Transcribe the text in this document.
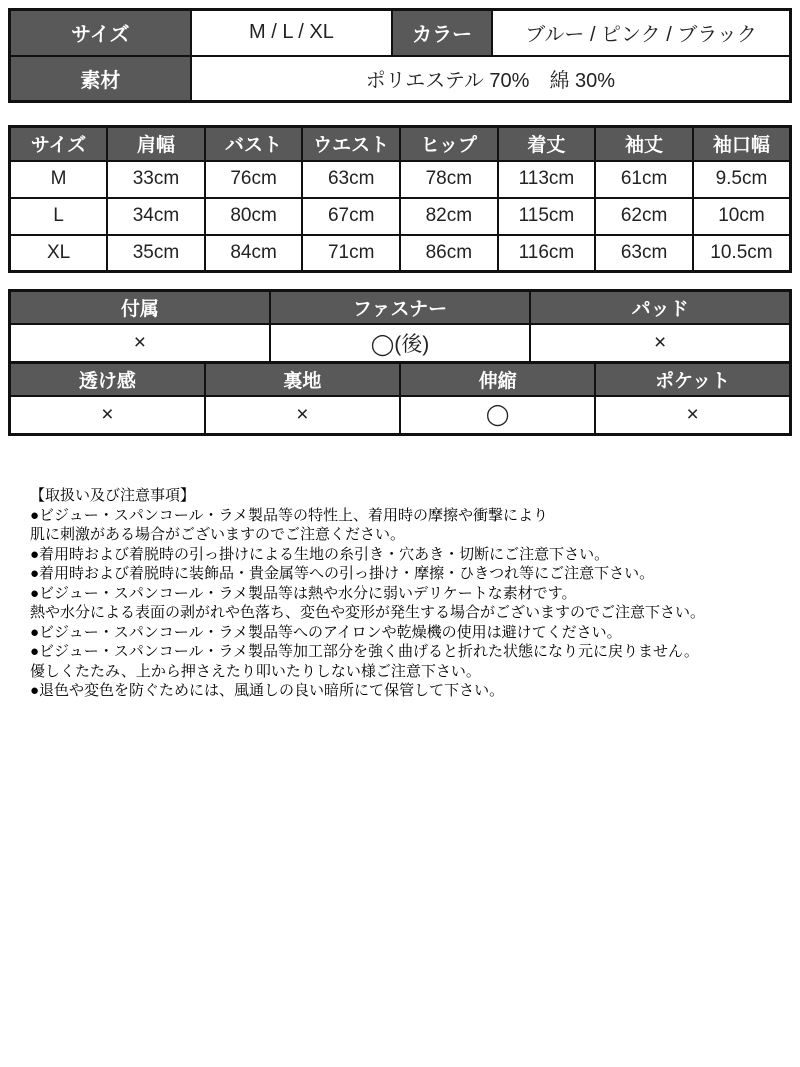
サイズ	M / L / XL	カラー	ブルー / ピンク / ブラック
素材	ポリエステル 70%　綿 30%		
サイズ	肩幅	バスト	ウエスト	ヒップ	着丈	袖丈	袖口幅
M	33cm	76cm	63cm	78cm	113cm	61cm	9.5cm
L	34cm	80cm	67cm	82cm	115cm	62cm	10cm
XL	35cm	84cm	71cm	86cm	116cm	63cm	10.5cm
付属	ファスナー	パッド
×	◯(後)	×
透け感	裏地	伸縮	ポケット
×	×	◯	×
【取扱い及び注意事項】
●ビジュー・スパンコール・ラメ製品等の特性上、着用時の摩擦や衝撃により
肌に刺激がある場合がございますのでご注意ください。
●着用時および着脱時の引っ掛けによる生地の糸引き・穴あき・切断にご注意下さい。
●着用時および着脱時に装飾品・貴金属等への引っ掛け・摩擦・ひきつれ等にご注意下さい。
●ビジュー・スパンコール・ラメ製品等は熱や水分に弱いデリケートな素材です。
熱や水分による表面の剥がれや色落ち、変色や変形が発生する場合がございますのでご注意下さい。
●ビジュー・スパンコール・ラメ製品等へのアイロンや乾燥機の使用は避けてください。
●ビジュー・スパンコール・ラメ製品等加工部分を強く曲げると折れた状態になり元に戻りません。
優しくたたみ、上から押さえたり叩いたりしない様ご注意下さい。
●退色や変色を防ぐためには、風通しの良い暗所にて保管して下さい。
